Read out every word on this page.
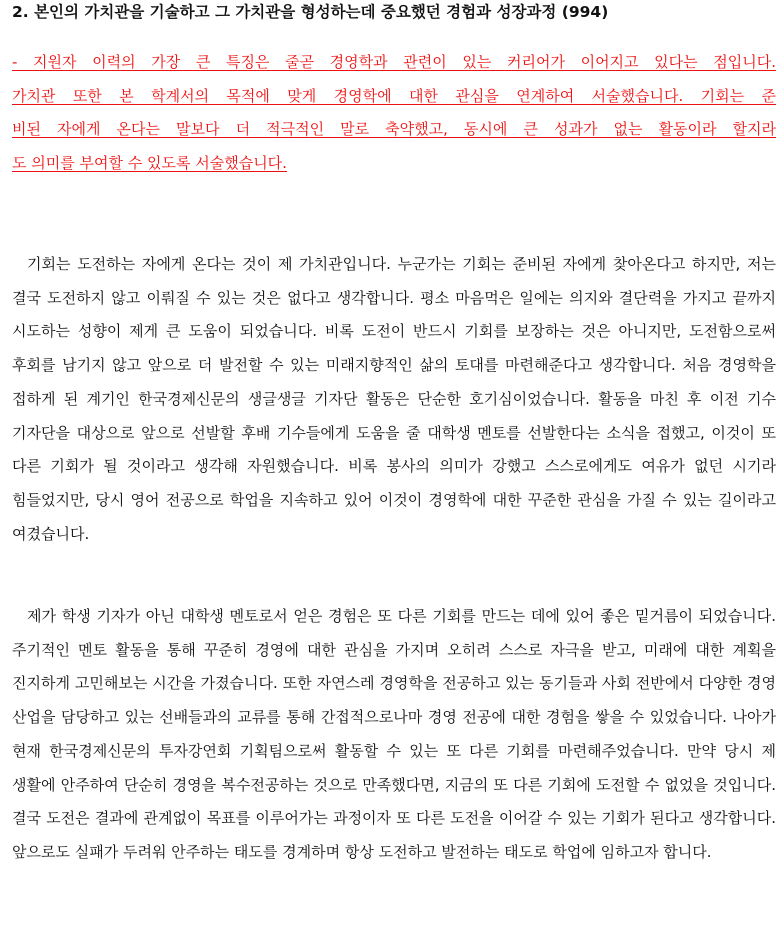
2. 본인의 가치관을 기술하고 그 가치관을 형성하는데 중요했던 경험과 성장과정 (994)
- 지원자 이력의 가장 큰 특징은 줄곧 경영학과 관련이 있는 커리어가 이어지고 있다는 점입니다.
가치관 또한 본 학계서의 목적에 맞게 경영학에 대한 관심을 연계하여 서술했습니다. 기회는 준
비된 자에게 온다는 말보다 더 적극적인 말로 축약했고, 동시에 큰 성과가 없는 활동이라 할지라
도 의미를 부여할 수 있도록 서술했습니다.
기회는 도전하는 자에게 온다는 것이 제 가치관입니다. 누군가는 기회는 준비된 자에게 찾아온다고 하지만, 저는 결국 도전하지 않고 이뤄질 수 있는 것은 없다고 생각합니다. 평소 마음먹은 일에는 의지와 결단력을 가지고 끝까지 시도하는 성향이 제게 큰 도움이 되었습니다. 비록 도전이 반드시 기회를 보장하는 것은 아니지만, 도전함으로써 후회를 남기지 않고 앞으로 더 발전할 수 있는 미래지향적인 삶의 토대를 마련해준다고 생각합니다. 처음 경영학을 접하게 된 계기인 한국경제신문의 생글생글 기자단 활동은 단순한 호기심이었습니다. 활동을 마친 후 이전 기수 기자단을 대상으로 앞으로 선발할 후배 기수들에게 도움을 줄 대학생 멘토를 선발한다는 소식을 접했고, 이것이 또 다른 기회가 될 것이라고 생각해 자원했습니다. 비록 봉사의 의미가 강했고 스스로에게도 여유가 없던 시기라 힘들었지만, 당시 영어 전공으로 학업을 지속하고 있어 이것이 경영학에 대한 꾸준한 관심을 가질 수 있는 길이라고 여겼습니다.
제가 학생 기자가 아닌 대학생 멘토로서 얻은 경험은 또 다른 기회를 만드는 데에 있어 좋은 밑거름이 되었습니다. 주기적인 멘토 활동을 통해 꾸준히 경영에 대한 관심을 가지며 오히려 스스로 자극을 받고, 미래에 대한 계획을 진지하게 고민해보는 시간을 가졌습니다. 또한 자연스레 경영학을 전공하고 있는 동기들과 사회 전반에서 다양한 경영 산업을 담당하고 있는 선배들과의 교류를 통해 간접적으로나마 경영 전공에 대한 경험을 쌓을 수 있었습니다. 나아가 현재 한국경제신문의 투자강연회 기획팀으로써 활동할 수 있는 또 다른 기회를 마련해주었습니다. 만약 당시 제 생활에 안주하여 단순히 경영을 복수전공하는 것으로 만족했다면, 지금의 또 다른 기회에 도전할 수 없었을 것입니다. 결국 도전은 결과에 관계없이 목표를 이루어가는 과정이자 또 다른 도전을 이어갈 수 있는 기회가 된다고 생각합니다. 앞으로도 실패가 두려워 안주하는 태도를 경계하며 항상 도전하고 발전하는 태도로 학업에 임하고자 합니다.
